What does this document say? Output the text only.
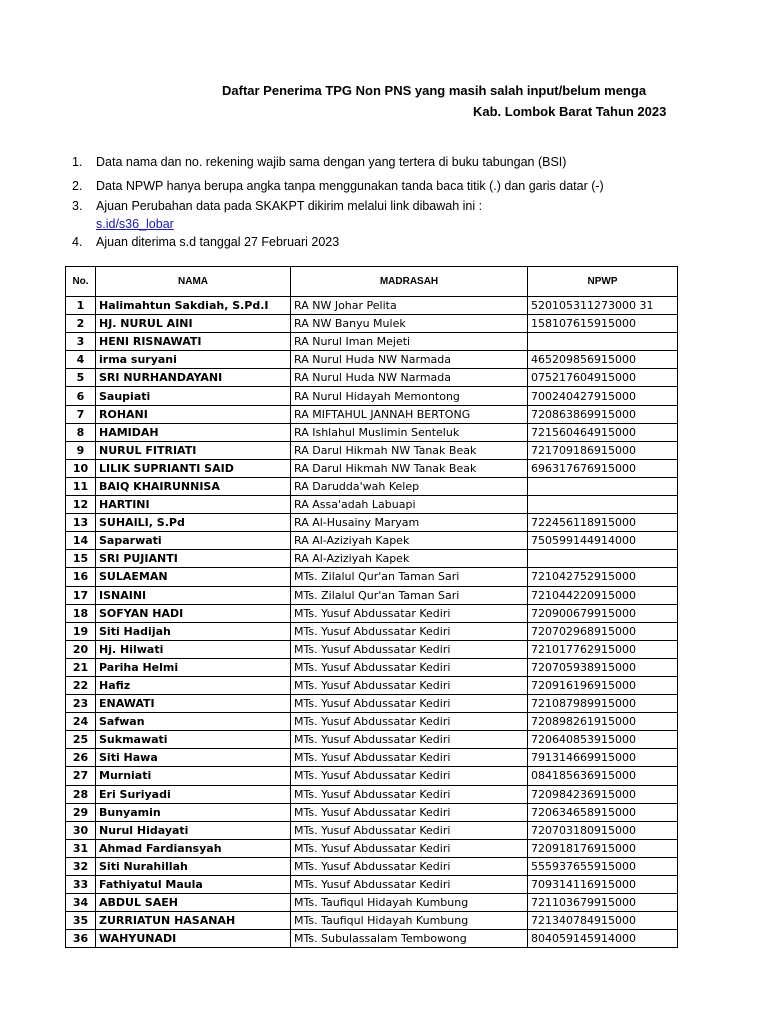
Daftar Penerima TPG Non PNS yang masih salah input/belum menga
Kab. Lombok Barat Tahun 2023
1.	Data nama dan no. rekening wajib sama dengan yang tertera di buku tabungan (BSI)
2.	Data NPWP hanya berupa angka tanpa menggunakan tanda baca titik (.) dan garis datar (-)
3.	Ajuan Perubahan data pada SKAKPT dikirim melalui link dibawah ini :
s.id/s36_lobar
4.	Ajuan diterima s.d tanggal 27 Februari 2023
No.	NAMA	MADRASAH	NPWP
1	Halimahtun Sakdiah, S.Pd.I	RA NW Johar Pelita	520105311273000 31
2	HJ. NURUL AINI	RA NW Banyu Mulek	158107615915000
3	HENI RISNAWATI	RA Nurul Iman Mejeti	
4	irma suryani	RA Nurul Huda NW Narmada	465209856915000
5	SRI NURHANDAYANI	RA Nurul Huda NW Narmada	075217604915000
6	Saupiati	RA Nurul Hidayah Memontong	700240427915000
7	ROHANI	RA MIFTAHUL JANNAH BERTONG	720863869915000
8	HAMIDAH	RA Ishlahul Muslimin Senteluk	721560464915000
9	NURUL FITRIATI	RA Darul Hikmah NW Tanak Beak	721709186915000
10	LILIK SUPRIANTI SAID	RA Darul Hikmah NW Tanak Beak	696317676915000
11	BAIQ KHAIRUNNISA	RA Darudda'wah Kelep	
12	HARTINI	RA Assa'adah Labuapi	
13	SUHAILI, S.Pd	RA Al-Husainy Maryam	722456118915000
14	Saparwati	RA Al-Aziziyah Kapek	750599144914000
15	SRI PUJIANTI	RA Al-Aziziyah Kapek	
16	SULAEMAN	MTs. Zilalul Qur'an Taman Sari	721042752915000
17	ISNAINI	MTs. Zilalul Qur'an Taman Sari	721044220915000
18	SOFYAN HADI	MTs. Yusuf Abdussatar Kediri	720900679915000
19	Siti Hadijah	MTs. Yusuf Abdussatar Kediri	720702968915000
20	Hj. Hilwati	MTs. Yusuf Abdussatar Kediri	721017762915000
21	Pariha Helmi	MTs. Yusuf Abdussatar Kediri	720705938915000
22	Hafiz	MTs. Yusuf Abdussatar Kediri	720916196915000
23	ENAWATI	MTs. Yusuf Abdussatar Kediri	721087989915000
24	Safwan	MTs. Yusuf Abdussatar Kediri	720898261915000
25	Sukmawati	MTs. Yusuf Abdussatar Kediri	720640853915000
26	Siti Hawa	MTs. Yusuf Abdussatar Kediri	791314669915000
27	Murniati	MTs. Yusuf Abdussatar Kediri	084185636915000
28	Eri Suriyadi	MTs. Yusuf Abdussatar Kediri	720984236915000
29	Bunyamin	MTs. Yusuf Abdussatar Kediri	720634658915000
30	Nurul Hidayati	MTs. Yusuf Abdussatar Kediri	720703180915000
31	Ahmad Fardiansyah	MTs. Yusuf Abdussatar Kediri	720918176915000
32	Siti Nurahillah	MTs. Yusuf Abdussatar Kediri	555937655915000
33	Fathiyatul Maula	MTs. Yusuf Abdussatar Kediri	709314116915000
34	ABDUL SAEH	MTs. Taufiqul Hidayah Kumbung	721103679915000
35	ZURRIATUN HASANAH	MTs. Taufiqul Hidayah Kumbung	721340784915000
36	WAHYUNADI	MTs. Subulassalam Tembowong	804059145914000
